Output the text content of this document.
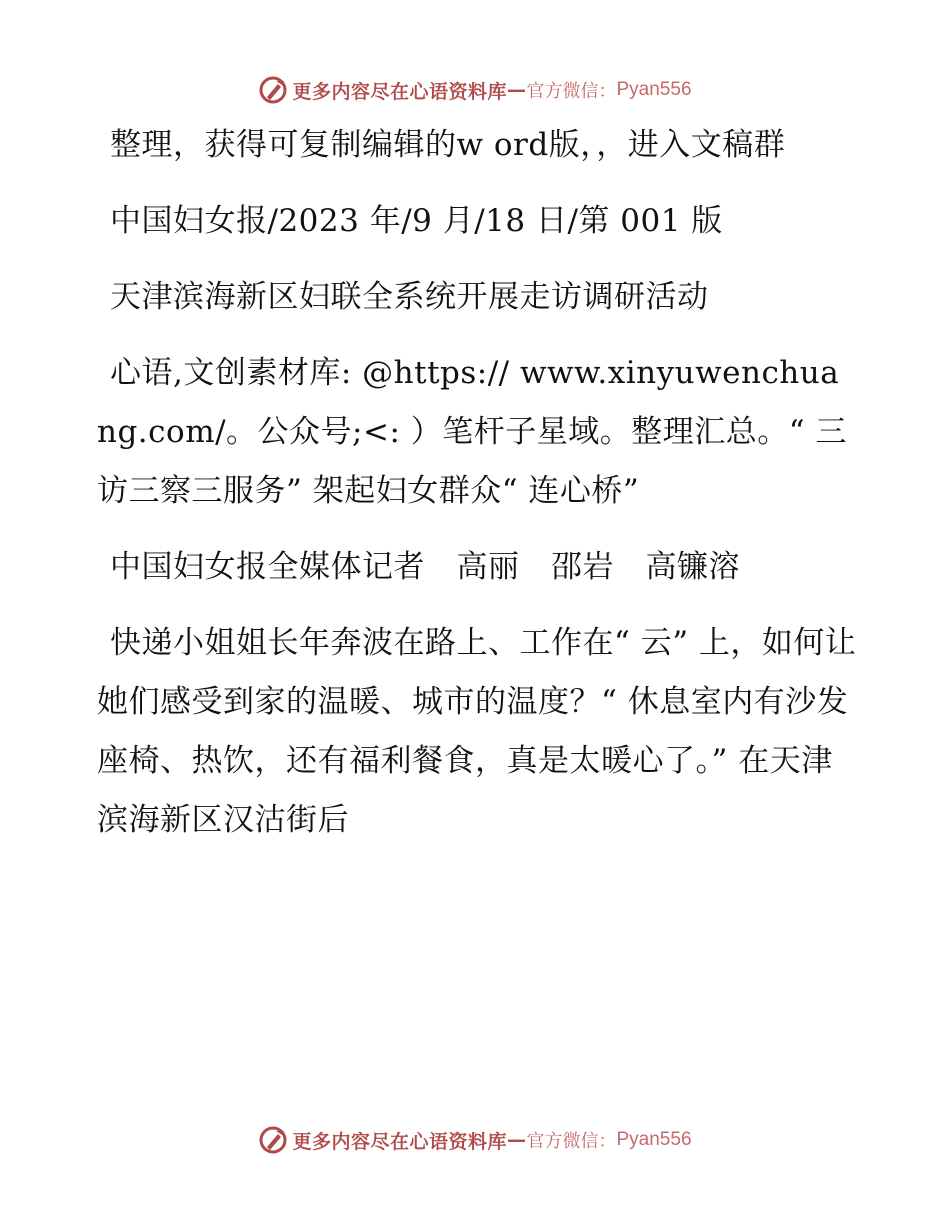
更多内容尽在心语资料库 — 官方微信： Pyan556

整理，获得可复制编辑的w ord版，，进入文稿群

中国妇女报/2023 年/9 月/18 日/第 001 版

天津滨海新区妇联全系统开展走访调研活动

心语,文创素材库: @https:// www.xinyuwenchuang.com/。公众号;<: ）笔杆子星域。整理汇总。“ 三访三察三服务” 架起妇女群众“ 连心桥”

中国妇女报全媒体记者　高丽　邵岩　高镰溶

快递小姐姐长年奔波在路上、工作在“ 云” 上，如何让她们感受到家的温暖、城市的温度？“ 休息室内有沙发座椅、热饮，还有福利餐食，真是太暖心了。” 在天津滨海新区汉沽街后

更多内容尽在心语资料库 — 官方微信： Pyan556
